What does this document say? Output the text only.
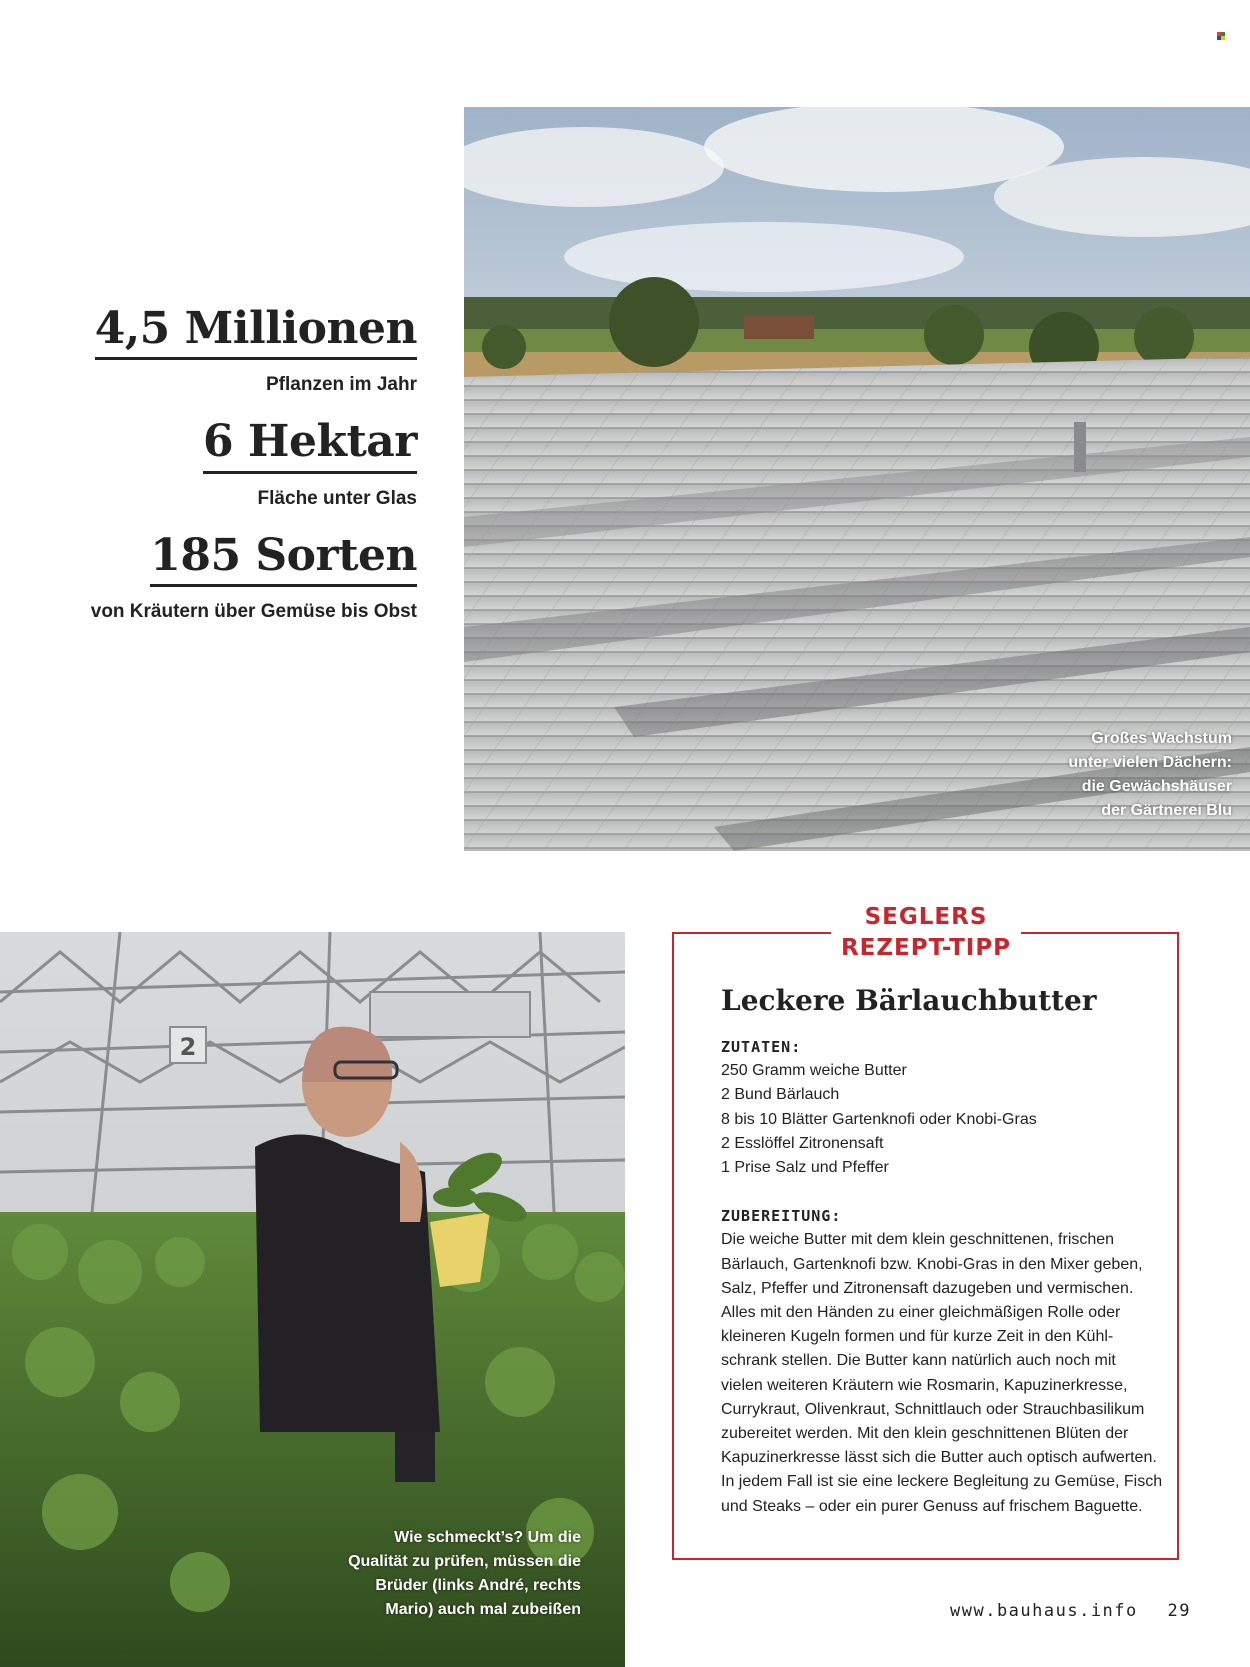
4,5 Millionen
Pflanzen im Jahr
6 Hektar
Fläche unter Glas
185 Sorten
von Kräutern über Gemüse bis Obst
Großes Wachstum
unter vielen Dächern:
die Gewächshäuser
der Gärtnerei Blu
2
Wie schmeckt’s? Um die
Qualität zu prüfen, müssen die
Brüder (links André, rechts
Mario) auch mal zubeißen
SEGLERS
REZEPT-TIPP
Leckere Bärlauchbutter
ZUTATEN:
250 Gramm weiche Butter
2 Bund Bärlauch
8 bis 10 Blätter Gartenknofi oder Knobi-Gras
2 Esslöffel Zitronensaft
1 Prise Salz und Pfeffer
ZUBEREITUNG:
Die weiche Butter mit dem klein geschnittenen, frischen
Bärlauch, Gartenknofi bzw. Knobi-Gras in den Mixer geben,
Salz, Pfeffer und Zitronensaft dazugeben und vermischen.
Alles mit den Händen zu einer gleichmäßigen Rolle oder
kleineren Kugeln formen und für kurze Zeit in den Kühl-
schrank stellen. Die Butter kann natürlich auch noch mit
vielen weiteren Kräutern wie Rosmarin, Kapuzinerkresse,
Currykraut, Olivenkraut, Schnittlauch oder Strauchbasilikum
zubereitet werden. Mit den klein geschnittenen Blüten der
Kapuzinerkresse lässt sich die Butter auch optisch aufwerten.
In jedem Fall ist sie eine leckere Begleitung zu Gemüse, Fisch
und Steaks – oder ein purer Genuss auf frischem Baguette.
www.bauhaus.info 29
